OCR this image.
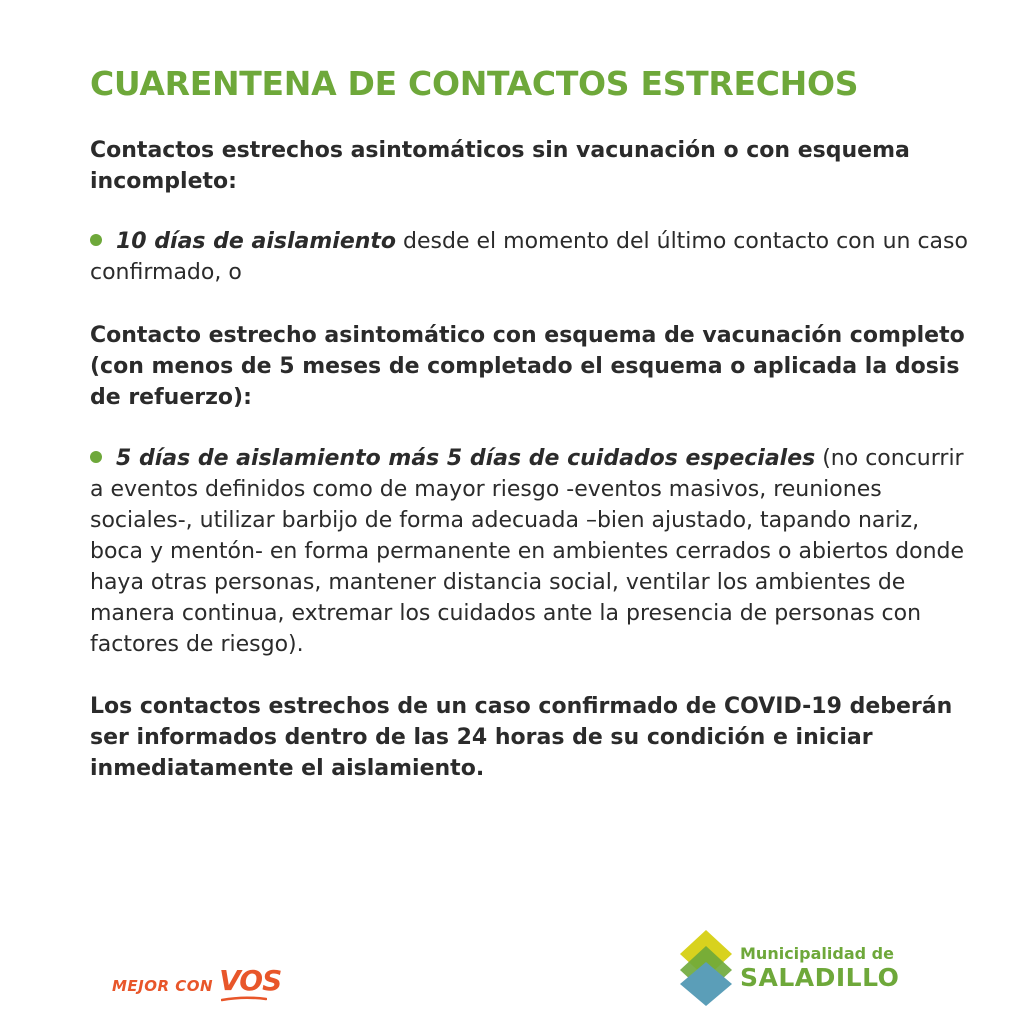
CUARENTENA DE CONTACTOS ESTRECHOS

Contactos estrechos asintomáticos sin vacunación o con esquema incompleto:

10 días de aislamiento desde el momento del último contacto con un caso confirmado, o

Contacto estrecho asintomático con esquema de vacunación completo (con menos de 5 meses de completado el esquema o aplicada la dosis de refuerzo):

5 días de aislamiento más 5 días de cuidados especiales (no concurrir a eventos definidos como de mayor riesgo -eventos masivos, reuniones sociales-, utilizar barbijo de forma adecuada –bien ajustado, tapando nariz, boca y mentón- en forma permanente en ambientes cerrados o abiertos donde haya otras personas, mantener distancia social, ventilar los ambientes de manera continua, extremar los cuidados ante la presencia de personas con factores de riesgo).

Los contactos estrechos de un caso confirmado de COVID-19 deberán ser informados dentro de las 24 horas de su condición e iniciar inmediatamente el aislamiento.

MEJOR CON VOS
Municipalidad de
SALADILLO
